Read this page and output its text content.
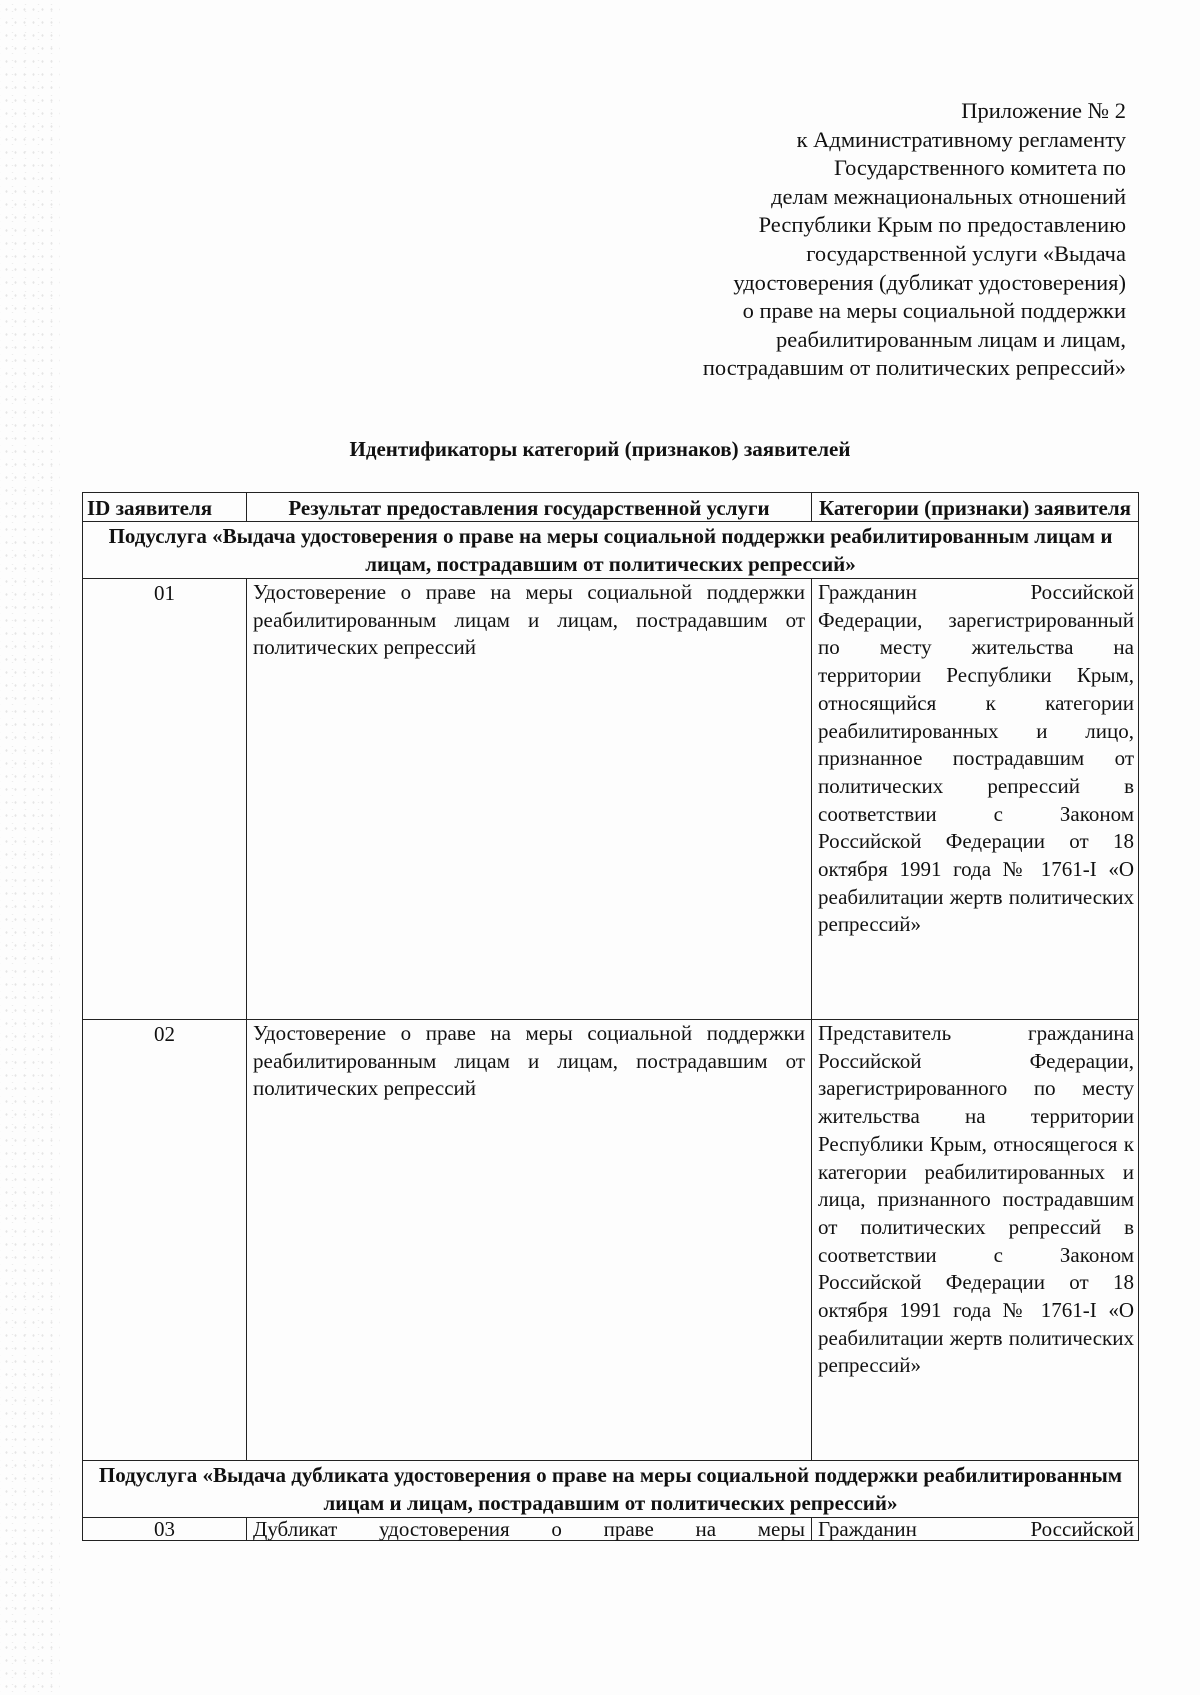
Приложение № 2
к Административному регламенту
Государственного комитета по
делам межнациональных отношений
Республики Крым по предоставлению
государственной услуги «Выдача
удостоверения (дубликат удостоверения)
о праве на меры социальной поддержки
реабилитированным лицам и лицам,
пострадавшим от политических репрессий»
Идентификаторы категорий (признаков) заявителей
ID заявителя	Результат предоставления государственной услуги	Категории (признаки) заявителя
Подуслуга «Выдача удостоверения о праве на меры социальной поддержки реабилитированным лицам и лицам, пострадавшим от политических репрессий»		
01	Удостоверение о праве на меры социальной поддержки реабилитированным лицам и лицам, пострадавшим от политических репрессий	Гражданин Российской Федерации, зарегистрированный по месту жительства на территории Республики Крым, относящийся к категории реабилитированных и лицо, признанное пострадавшим от политических репрессий в соответствии с Законом Российской Федерации от 18 октября 1991 года № 1761-I «О реабилитации жертв политических репрессий»
02	Удостоверение о праве на меры социальной поддержки реабилитированным лицам и лицам, пострадавшим от политических репрессий	Представитель гражданина Российской Федерации, зарегистрированного по месту жительства на территории Республики Крым, относящегося к категории реабилитированных и лица, признанного пострадавшим от политических репрессий в соответствии с Законом Российской Федерации от 18 октября 1991 года № 1761-I «О реабилитации жертв политических репрессий»
Подуслуга «Выдача дубликата удостоверения о праве на меры социальной поддержки реабилитированным лицам и лицам, пострадавшим от политических репрессий»		
03	Дубликат удостоверения о праве на меры	Гражданин Российской
